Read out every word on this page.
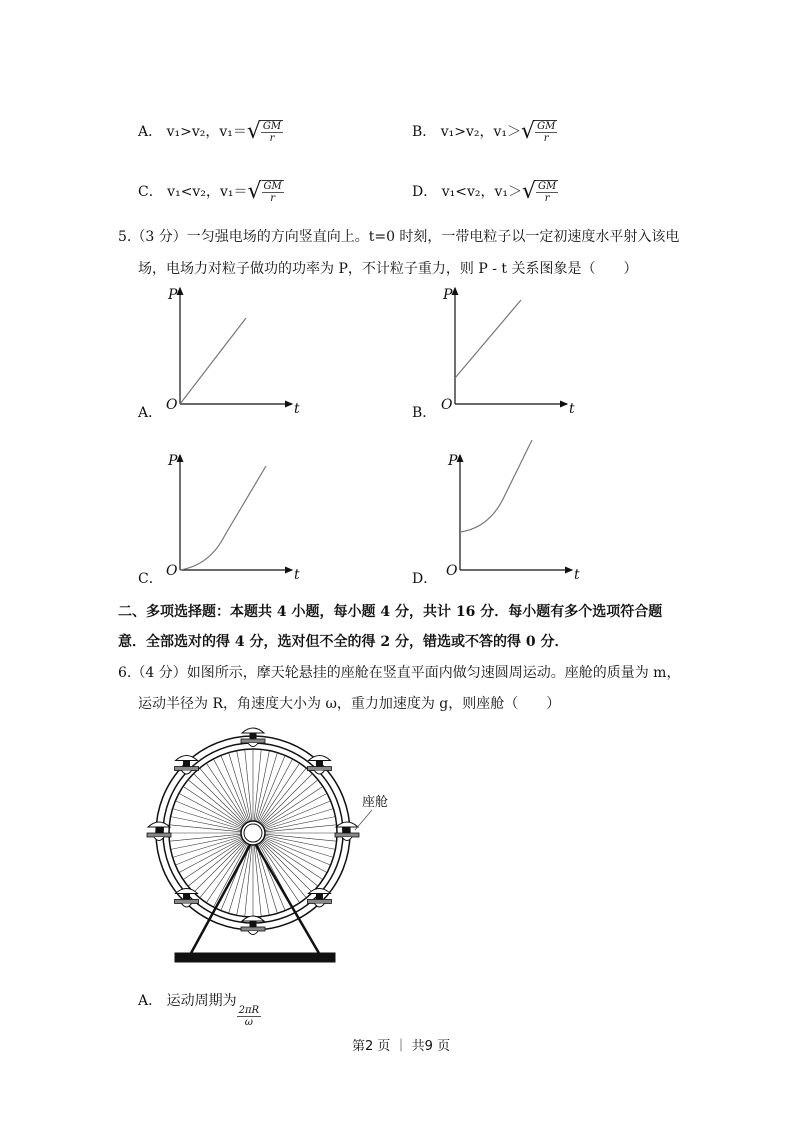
A． v₁>v₂，v₁＝ √ $\frac{GM}{r}$	B． v₁>v₂，v₁＞ √ $\frac{GM}{r}$
C． v₁<v₂，v₁＝ √ $\frac{GM}{r}$	D． v₁<v₂，v₁＞ √ $\frac{GM}{r}$
5.（3 分）一匀强电场的方向竖直向上。t=0 时刻，一带电粒子以一定初速度水平射入该电
场，电场力对粒子做功的功率为 P，不计粒子重力，则 P - t 关系图象是（　　）
A． O
P
t	B． O
P
t
C． O
P
t	D． O
P
t
二、多项选择题：本题共 4 小题，每小题 4 分，共计 16 分．每小题有多个选项符合题
意．全部选对的得 4 分，选对但不全的得 2 分，错选或不答的得 0 分．
6.（4 分）如图所示，摩天轮悬挂的座舱在竖直平面内做匀速圆周运动。座舱的质量为 m，
运动半径为 R，角速度大小为 ω，重力加速度为 g，则座舱（　　）
座舱
A． 运动周期为
$\frac{2\pi R}{\omega}$
第2 页 ｜ 共9 页
